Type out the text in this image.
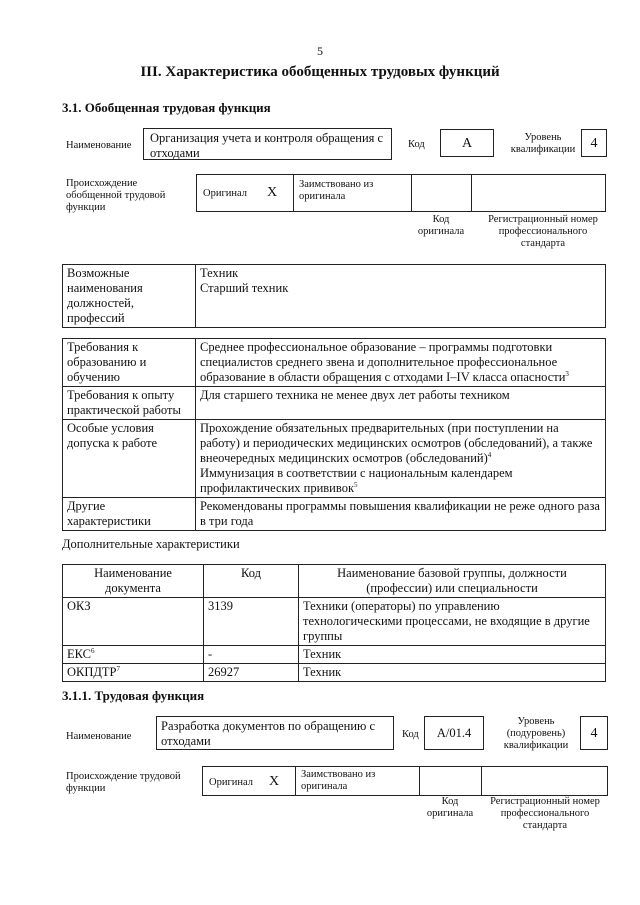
5
III. Характеристика обобщенных трудовых функций
3.1. Обобщенная трудовая функция
Наименование
Организация учета и контроля обращения с отходами
Код	А	Уровень квалификации	4
Происхождение обобщенной трудовой функции
Оригинал X
Заимствовано из оригинала
Код оригинала
Регистрационный номер профессионального стандарта
Возможные наименования должностей, профессий	
Техник
Старший техник
Требования к образованию и обучению	Среднее профессиональное образование – программы подготовки специалистов среднего звена и дополнительное профессиональное образование в области обращения с отходами I–IV класса опасности$^3$
Требования к опыту практической работы	Для старшего техника не менее двух лет работы техником
Особые условия допуска к работе	Прохождение обязательных предварительных (при поступлении на работу) и периодических медицинских осмотров (обследований), а также внеочередных медицинских осмотров (обследований)$^4$
Иммунизация в соответствии с национальным календарем профилактических прививок$^5$
Другие характеристики	Рекомендованы программы повышения квалификации не реже одного раза в три года
Дополнительные характеристики
Наименование документа	Код	Наименование базовой группы, должности (профессии) или специальности
ОКЗ	3139	Техники (операторы) по управлению технологическими процессами, не входящие в другие группы
ЕКС$^6$	-	Техник
ОКПДТР$^7$	26927	Техник
3.1.1. Трудовая функция
Наименование
Разработка документов по обращению с отходами	Код	А/01.4
Уровень (подуровень) квалификации
4
Происхождение трудовой функции
Оригинал X Заимствовано из оригинала
Код оригинала
Регистрационный номер профессионального стандарта
